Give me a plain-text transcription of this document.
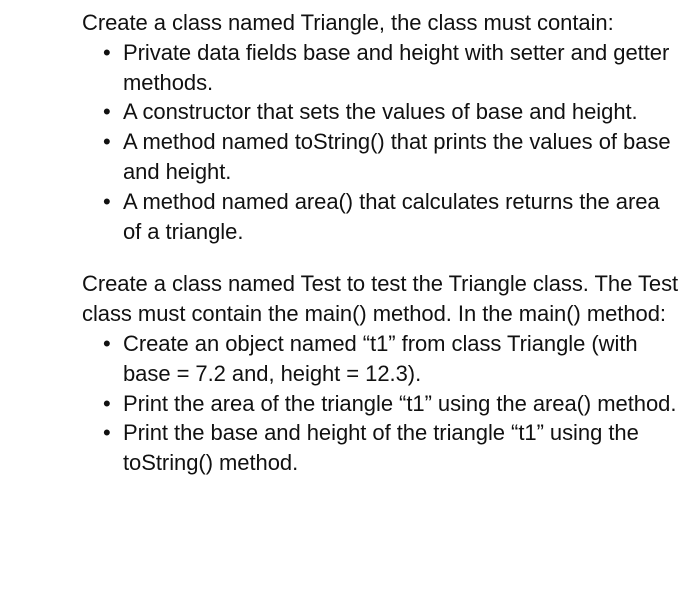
Create a class named Triangle, the class must contain:

• Private data fields base and height with setter and getter methods.
• A constructor that sets the values of base and height.
• A method named toString() that prints the values of base and height.
• A method named area() that calculates returns the area of a triangle.

Create a class named Test to test the Triangle class. The Test class must contain the main() method. In the main() method:

• Create an object named “t1” from class Triangle (with base = 7.2 and, height = 12.3).
• Print the area of the triangle “t1” using the area() method.
• Print the base and height of the triangle “t1” using the toString() method.
